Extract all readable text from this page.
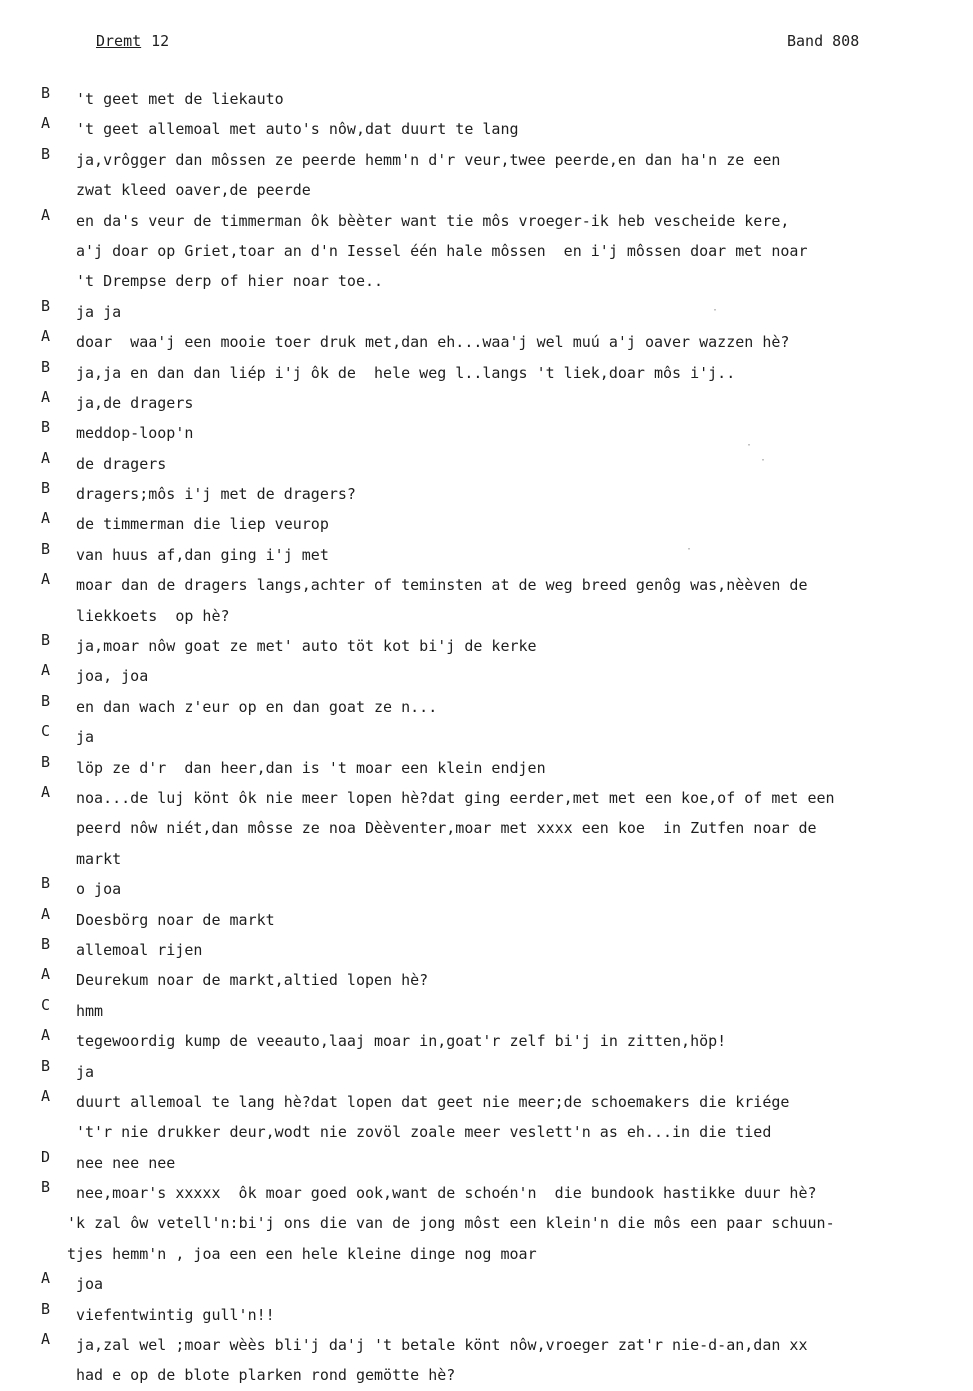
Dremt 12	Band 808
B	't geet met de liekauto
A	't geet allemoal met auto's nôw,dat duurt te lang
B	ja,vrôgger dan môssen ze peerde hemm'n d'r veur,twee peerde,en dan ha'n ze een
zwat kleed oaver,de peerde
A	en da's veur de timmerman ôk bèèter want tie môs vroeger-ik heb vescheide kere,
a'j doar op Griet,toar an d'n Iessel één hale môssen  en i'j môssen doar met noar
't Drempse derp of hier noar toe..
B	ja ja
A	doar  waa'j een mooie toer druk met,dan eh...waa'j wel muú a'j oaver wazzen hè?
B	ja,ja en dan dan liép i'j ôk de  hele weg l..langs 't liek,doar môs i'j..
A	ja,de dragers
B	meddop-loop'n
A	de dragers
B	dragers;môs i'j met de dragers?
A	de timmerman die liep veurop
B	van huus af,dan ging i'j met
A	moar dan de dragers langs,achter of teminsten at de weg breed genôg was,nèèven de
liekkoets  op hè?
B	ja,moar nôw goat ze met' auto töt kot bi'j de kerke
A	joa, joa
B	en dan wach z'eur op en dan goat ze n...
C	ja
B	löp ze d'r  dan heer,dan is 't moar een klein endjen
A	noa...de luj könt ôk nie meer lopen hè?dat ging eerder,met met een koe,of of met een
peerd nôw niét,dan môsse ze noa Dèèventer,moar met xxxx een koe  in Zutfen noar de
markt
B	o joa
A	Doesbörg noar de markt
B	allemoal rijen
A	Deurekum noar de markt,altied lopen hè?
C	hmm
A	tegewoordig kump de veeauto,laaj moar in,goat'r zelf bi'j in zitten,höp!
B	ja
A	duurt allemoal te lang hè?dat lopen dat geet nie meer;de schoemakers die kriége
't'r nie drukker deur,wodt nie zovöl zoale meer veslett'n as eh...in die tied
D	nee nee nee
B	nee,moar's xxxxx  ôk moar goed ook,want de schoén'n  die bundook hastikke duur hè?
'k zal ôw vetell'n:bi'j ons die van de jong môst een klein'n die môs een paar schuun-
tjes hemm'n , joa een een hele kleine dinge nog moar
A	joa
B	viefentwintig gull'n!!
A	ja,zal wel ;moar wèès bli'j da'j 't betale könt nôw,vroeger zat'r nie-d-an,dan xx
had e op de blote plarken rond gemötte hè?
·
·
·
·
